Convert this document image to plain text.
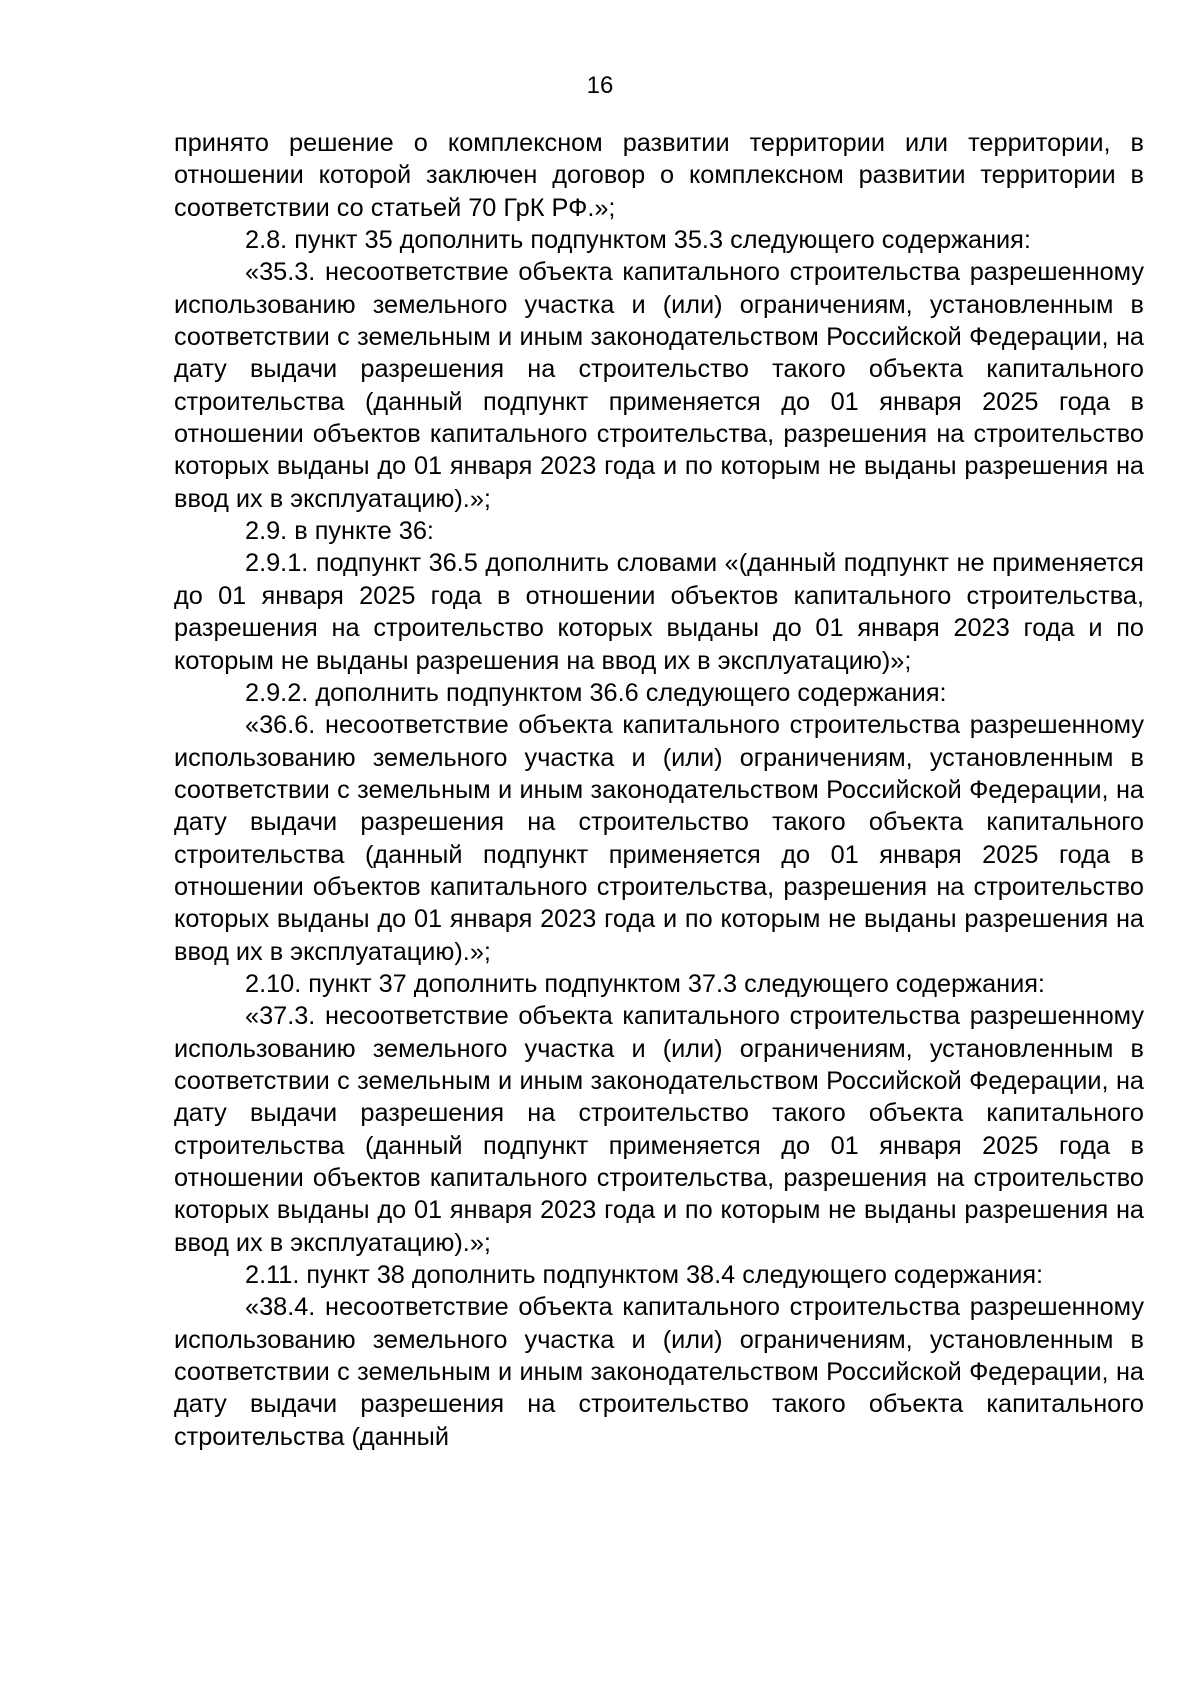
16

принято решение о комплексном развитии территории или территории, в отношении которой заключен договор о комплексном развитии территории в соответствии со статьей 70 ГрК РФ.»;

2.8. пункт 35 дополнить подпунктом 35.3 следующего содержания:

«35.3. несоответствие объекта капитального строительства разрешенному использованию земельного участка и (или) ограничениям, установленным в соответствии с земельным и иным законодательством Российской Федерации, на дату выдачи разрешения на строительство такого объекта капитального строительства (данный подпункт применяется до 01 января 2025 года в отношении объектов капитального строительства, разрешения на строительство которых выданы до 01 января 2023 года и по которым не выданы разрешения на ввод их в эксплуатацию).»;

2.9. в пункте 36:

2.9.1. подпункт 36.5 дополнить словами «(данный подпункт не применяется до 01 января 2025 года в отношении объектов капитального строительства, разрешения на строительство которых выданы до 01 января 2023 года и по которым не выданы разрешения на ввод их в эксплуатацию)»;

2.9.2. дополнить подпунктом 36.6 следующего содержания:

«36.6. несоответствие объекта капитального строительства разрешенному использованию земельного участка и (или) ограничениям, установленным в соответствии с земельным и иным законодательством Российской Федерации, на дату выдачи разрешения на строительство такого объекта капитального строительства (данный подпункт применяется до 01 января 2025 года в отношении объектов капитального строительства, разрешения на строительство которых выданы до 01 января 2023 года и по которым не выданы разрешения на ввод их в эксплуатацию).»;

2.10. пункт 37 дополнить подпунктом 37.3 следующего содержания:

«37.3. несоответствие объекта капитального строительства разрешенному использованию земельного участка и (или) ограничениям, установленным в соответствии с земельным и иным законодательством Российской Федерации, на дату выдачи разрешения на строительство такого объекта капитального строительства (данный подпункт применяется до 01 января 2025 года в отношении объектов капитального строительства, разрешения на строительство которых выданы до 01 января 2023 года и по которым не выданы разрешения на ввод их в эксплуатацию).»;

2.11. пункт 38 дополнить подпунктом 38.4 следующего содержания:

«38.4. несоответствие объекта капитального строительства разрешенному использованию земельного участка и (или) ограничениям, установленным в соответствии с земельным и иным законодательством Российской Федерации, на дату выдачи разрешения на строительство такого объекта капитального строительства (данный
